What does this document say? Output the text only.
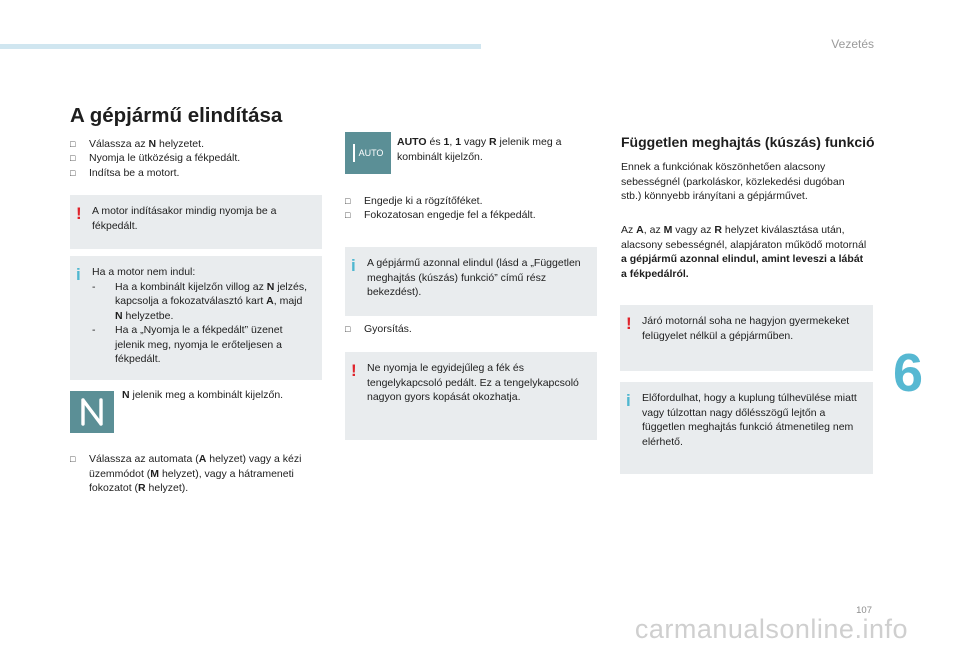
Vezetés
6
107
carmanualsonline.info
A gépjármű elindítása
□	Válassza az N helyzetet.
□	Nyomja le ütközésig a fékpedált.
□	Indítsa be a motort.
! A motor indításakor mindig nyomja be a fékpedált.

i Ha a motor nem indul:

-	Ha a kombinált kijelzőn villog az N jelzés, kapcsolja a fokozatválasztó kart A, majd N helyzetbe.
-	Ha a „Nyomja le a fékpedált” üzenet jelenik meg, nyomja le erőteljesen a fékpedált.
N jelenik meg a kombinált kijelzőn.
□	Válassza az automata (A helyzet) vagy a kézi üzemmódot (M helyzet), vagy a hátrameneti fokozatot (R helyzet).
AUTO
AUTO és 1, 1 vagy R jelenik meg a kombinált kijelzőn.
□	Engedje ki a rögzítőféket.
□	Fokozatosan engedje fel a fékpedált.
i A gépjármű azonnal elindul (lásd a „Független meghajtás (kúszás) funkció” című rész bekezdést).

□	Gyorsítás.
! Ne nyomja le egyidejűleg a fék és tengelykapcsoló pedált. Ez a tengelykapcsoló nagyon gyors kopását okozhatja.

Független meghajtás (kúszás) funkció

Ennek a funkciónak köszönhetően alacsony sebességnél (parkoláskor, közlekedési dugóban stb.) könnyebb irányítani a gépjárművet.

Az A, az M vagy az R helyzet kiválasztása után, alacsony sebességnél, alapjáraton működő motornál a gépjármű azonnal elindul, amint leveszi a lábát a fékpedálról.

! Járó motornál soha ne hagyjon gyermekeket felügyelet nélkül a gépjárműben.

i Előfordulhat, hogy a kuplung túlhevülése miatt vagy túlzottan nagy dőlésszögű lejtőn a független meghajtás funkció átmenetileg nem elérhető.
